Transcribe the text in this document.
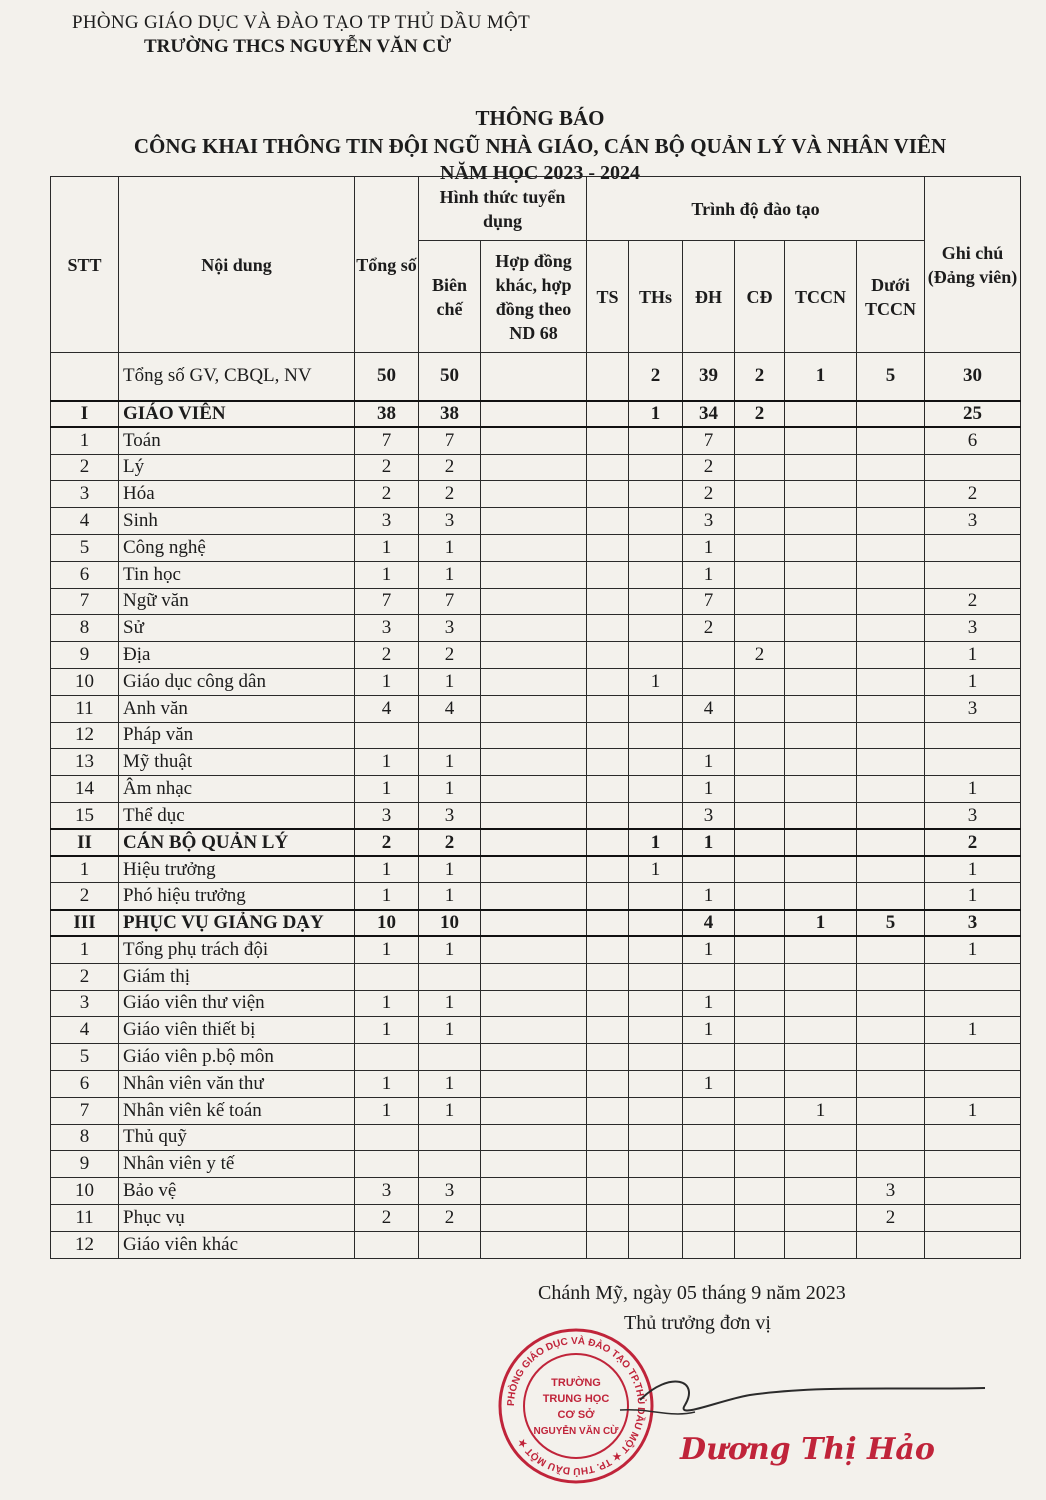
PHÒNG GIÁO DỤC VÀ ĐÀO TẠO TP THỦ DẦU MỘT
TRƯỜNG THCS NGUYỄN VĂN CỪ
THÔNG BÁO
CÔNG KHAI THÔNG TIN ĐỘI NGŨ NHÀ GIÁO, CÁN BỘ QUẢN LÝ VÀ NHÂN VIÊN
NĂM HỌC 2023 - 2024
STT	Nội dung	Tổng số	Hình thức tuyển dụng		Trình độ đào tạo						Ghi chú (Đảng viên)
			Biên chế	Hợp đồng khác, hợp đồng theo ND 68	TS	THs	ĐH	CĐ	TCCN	Dưới TCCN	
	Tổng số GV, CBQL, NV	50	50			2	39	2	1	5	30
I	GIÁO VIÊN	38	38			1	34	2			25
1	Toán	7	7				7				6
2	Lý	2	2				2				
3	Hóa	2	2				2				2
4	Sinh	3	3				3				3
5	Công nghệ	1	1				1				
6	Tin học	1	1				1				
7	Ngữ văn	7	7				7				2
8	Sử	3	3				2				3
9	Địa	2	2					2			1
10	Giáo dục công dân	1	1			1					1
11	Anh văn	4	4				4				3
12	Pháp văn										
13	Mỹ thuật	1	1				1				
14	Âm nhạc	1	1				1				1
15	Thể dục	3	3				3				3
II	CÁN BỘ QUẢN LÝ	2	2			1	1				2
1	Hiệu trưởng	1	1			1					1
2	Phó hiệu trưởng	1	1				1				1
III	PHỤC VỤ GIẢNG DẠY	10	10				4		1	5	3
1	Tổng phụ trách đội	1	1				1				1
2	Giám thị										
3	Giáo viên thư viện	1	1				1				
4	Giáo viên thiết bị	1	1				1				1
5	Giáo viên p.bộ môn										
6	Nhân viên văn thư	1	1				1				
7	Nhân viên kế toán	1	1						1		1
8	Thủ quỹ										
9	Nhân viên y tế										
10	Bảo vệ	3	3							3	
11	Phục vụ	2	2							2	
12	Giáo viên khác										
Chánh Mỹ, ngày 05 tháng 9 năm 2023
Thủ trưởng đơn vị
PHÒNG GIÁO DỤC VÀ ĐÀO TẠO TP.THỦ DẦU MỘT ★ TP. THỦ DẦU MỘT ★
TRƯỜNG
TRUNG HỌC
CƠ SỞ
NGUYỄN VĂN CỪ
Dương Thị Hảo
